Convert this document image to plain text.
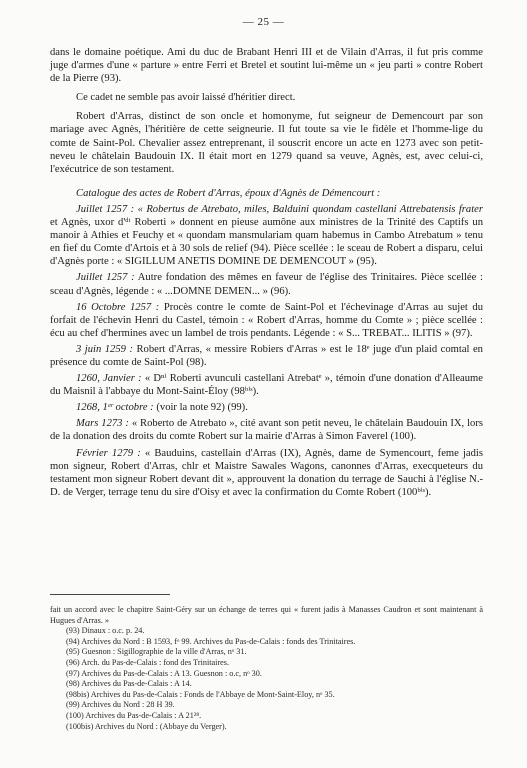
— 25 —

dans le domaine poétique. Ami du duc de Brabant Henri III et de Vilain d'Arras, il fut pris comme juge d'armes d'une « parture » entre Ferri et Bretel et soutint lui-même un « jeu parti » contre Robert de la Pierre (93).

Ce cadet ne semble pas avoir laissé d'héritier direct.

Robert d'Arras, distinct de son oncle et homonyme, fut seigneur de Demencourt par son mariage avec Agnès, l'héritière de cette seigneurie. Il fut toute sa vie le fidèle et l'homme-lige du comte de Saint-Pol. Chevalier assez entreprenant, il souscrit encore un acte en 1273 avec son petit-neveu le châtelain Baudouin IX. Il était mort en 1279 quand sa veuve, Agnès, est, avec celui-ci, l'exécutrice de son testament.

Catalogue des actes de Robert d'Arras, époux d'Agnès de Démencourt :

Juillet 1257 : « Robertus de Atrebato, miles, Balduini quondam castellani Attrebatensis frater et Agnès, uxor d'ᵈᵗ Roberti » donnent en pieuse aumône aux ministres de la Trinité des Captifs un manoir à Athies et Feuchy et « quondam mansmulariam quam habemus in Cambo Atrebatum » tenu en fief du Comte d'Artois et à 30 sols de relief (94). Pièce scellée : le sceau de Robert a disparu, celui d'Agnès porte : « SIGILLUM ANETIS DOMINE DE DEMENCOUT » (95).

Juillet 1257 : Autre fondation des mêmes en faveur de l'église des Trinitaires. Pièce scellée : sceau d'Agnès, légende : « ...DOMNE DEMEN... » (96).

16 Octobre 1257 : Procès contre le comte de Saint-Pol et l'échevinage d'Arras au sujet du forfait de l'échevin Henri du Castel, témoin : « Robert d'Arras, homme du Comte » ; pièce scellée : écu au chef d'hermines avec un lambel de trois pendants. Légende : « S... TREBAT... ILITIS » (97).

3 juin 1259 : Robert d'Arras, « messire Robiers d'Arras » est le 18ᵉ juge d'un plaid comtal en présence du comte de Saint-Pol (98).

1260, Janvier : « Dⁿⁱ Roberti avunculi castellani Atrebatᵉ », témoin d'une donation d'Alleaume du Maisnil à l'abbaye du Mont-Saint-Éloy (98ᵇⁱˢ).

1268, 1ᵉʳ octobre : (voir la note 92) (99).

Mars 1273 : « Roberto de Atrebato », cité avant son petit neveu, le châtelain Baudouin IX, lors de la donation des droits du comte Robert sur la mairie d'Arras à Simon Faverel (100).

Février 1279 : « Bauduins, castellain d'Arras (IX), Agnès, dame de Symencourt, feme jadis mon signeur, Robert d'Arras, chlr et Maistre Sawales Wagons, canonnes d'Arras, execqueteurs du testament mon signeur Robert devant dit », approuvent la donation du terrage de Sauchi à l'église N.-D. de Verger, terrage tenu du sire d'Oisy et avec la confirmation du Comte Robert (100ᵇⁱˢ).

fait un accord avec le chapitre Saint-Géry sur un échange de terres qui « furent jadis à Manasses Caudron et sont maintenant à Hugues d'Arras. »

(93) Dinaux : o.c. p. 24.

(94) Archives du Nord : B 1593, fᵒ 99. Archives du Pas-de-Calais : fonds des Trinitaires.

(95) Guesnon : Sigillographie de la ville d'Arras, nᵒ 31.

(96) Arch. du Pas-de-Calais : fond des Trinitaires.

(97) Archives du Pas-de-Calais : A 13. Guesnon : o.c, nᵒ 30.

(98) Archives du Pas-de-Calais : A 14.

(98bis) Archives du Pas-de-Calais : Fonds de l'Abbaye de Mont-Saint-Eloy, nᵒ 35.

(99) Archives du Nord : 28 H 39.

(100) Archives du Pas-de-Calais : A 21²⁸.

(100bis) Archives du Nord : (Abbaye du Verger).
